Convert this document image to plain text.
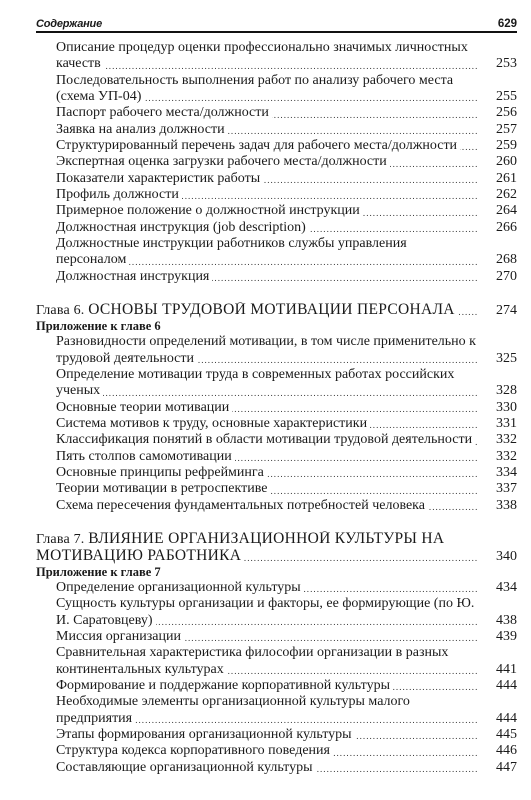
Содержание	629
Описание процедур оценки профессионально значимых личностных качеств . . .	253
Последовательность выполнения работ по анализу рабочего места (схема УП-04) . . .	255
Паспорт рабочего места/должности . . .	256
Заявка на анализ должности . . .	257
Структурированный перечень задач для рабочего места/должности . . .	259
Экспертная оценка загрузки рабочего места/должности . . .	260
Показатели характеристик работы . . .	261
Профиль должности . . .	262
Примерное положение о должностной инструкции . . .	264
Должностная инструкция (job description) . . .	266
Должностные инструкции работников службы управления персоналом . . .	268
Должностная инструкция . . .	270
Глава 6. ОСНОВЫ ТРУДОВОЙ МОТИВАЦИИ ПЕРСОНАЛА . . .	274
Приложение к главе 6
Разновидности определений мотивации, в том числе применительно к трудовой деятельности . . .	325
Определение мотивации труда в современных работах российских ученых . . .	328
Основные теории мотивации . . .	330
Система мотивов к труду, основные характеристики . . .	331
Классификация понятий в области мотивации трудовой деятельности . . .	332
Пять столпов самомотивации . . .	332
Основные принципы рефрейминга . . .	334
Теории мотивации в ретроспективе . . .	337
Схема пересечения фундаментальных потребностей человека . . .	338
Глава 7. ВЛИЯНИЕ ОРГАНИЗАЦИОННОЙ КУЛЬТУРЫ НА МОТИВАЦИЮ РАБОТНИКА . . .	340
Приложение к главе 7
Определение организационной культуры . . .	434
Сущность культуры организации и факторы, ее формирующие (по Ю. И. Саратовцеву) . . .	438
Миссия организации . . .	439
Сравнительная характеристика философии организации в разных континентальных культурах . . .	441
Формирование и поддержание корпоративной культуры . . .	444
Необходимые элементы организационной культуры малого предприятия . . .	444
Этапы формирования организационной культуры . . .	445
Структура кодекса корпоративного поведения . . .	446
Составляющие организационной культуры . . .	447
